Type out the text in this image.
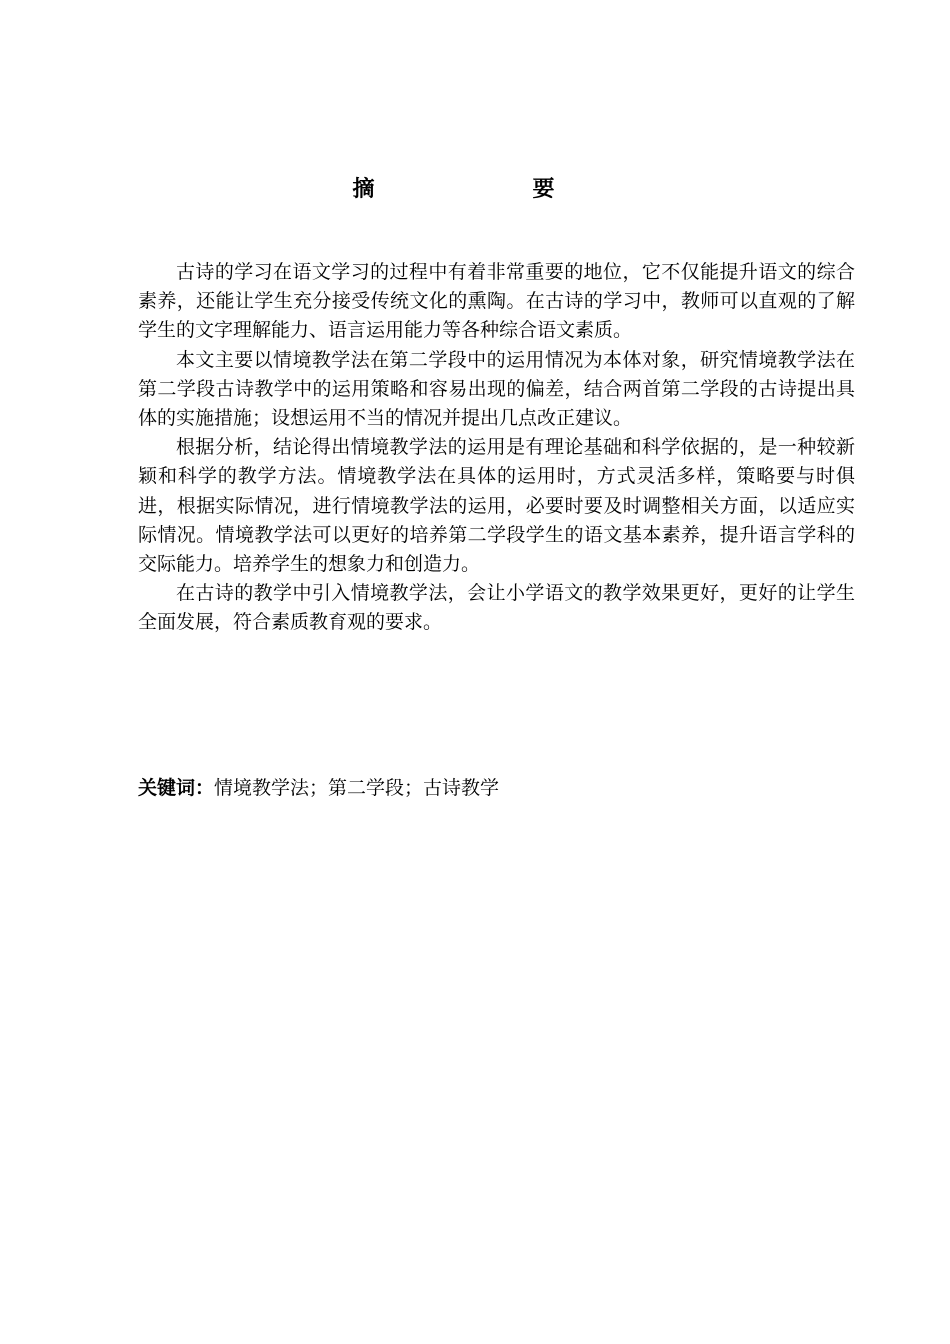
摘　要

古诗的学习在语文学习的过程中有着非常重要的地位，它不仅能提升语文的综合素养，还能让学生充分接受传统文化的熏陶。在古诗的学习中，教师可以直观的了解学生的文字理解能力、语言运用能力等各种综合语文素质。

本文主要以情境教学法在第二学段中的运用情况为本体对象，研究情境教学法在第二学段古诗教学中的运用策略和容易出现的偏差，结合两首第二学段的古诗提出具体的实施措施；设想运用不当的情况并提出几点改正建议。

根据分析，结论得出情境教学法的运用是有理论基础和科学依据的，是一种较新颖和科学的教学方法。情境教学法在具体的运用时，方式灵活多样，策略要与时俱进，根据实际情况，进行情境教学法的运用，必要时要及时调整相关方面，以适应实际情况。情境教学法可以更好的培养第二学段学生的语文基本素养，提升语言学科的交际能力。培养学生的想象力和创造力。

在古诗的教学中引入情境教学法，会让小学语文的教学效果更好，更好的让学生全面发展，符合素质教育观的要求。

关键词：情境教学法；第二学段；古诗教学
